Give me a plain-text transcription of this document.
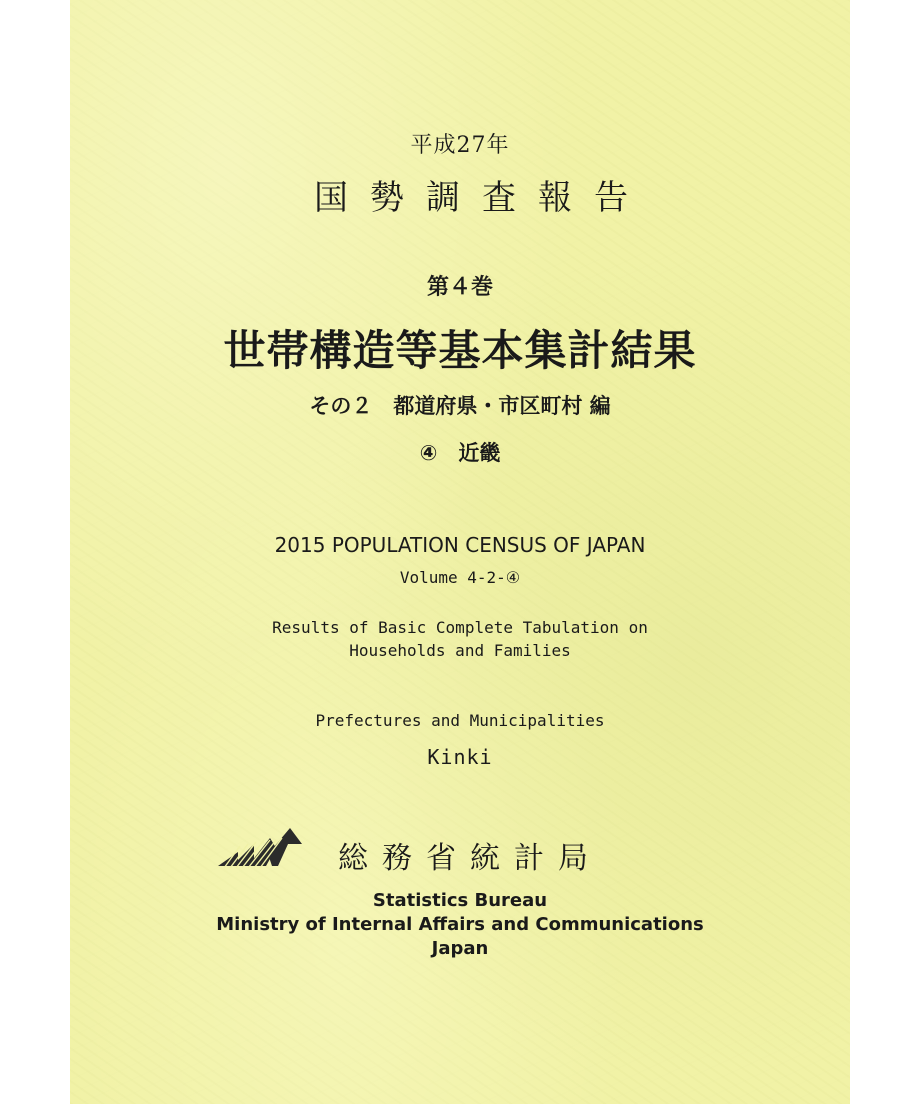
平成27年
国勢調査報告
第４巻
世帯構造等基本集計結果
その２　都道府県・市区町村 編
④　近畿
2015 POPULATION CENSUS OF JAPAN
Volume 4-2-④
Results of Basic Complete Tabulation on
Households and Families
Prefectures and Municipalities
Kinki
総務省統計局
Statistics Bureau
Ministry of Internal Affairs and Communications
Japan
